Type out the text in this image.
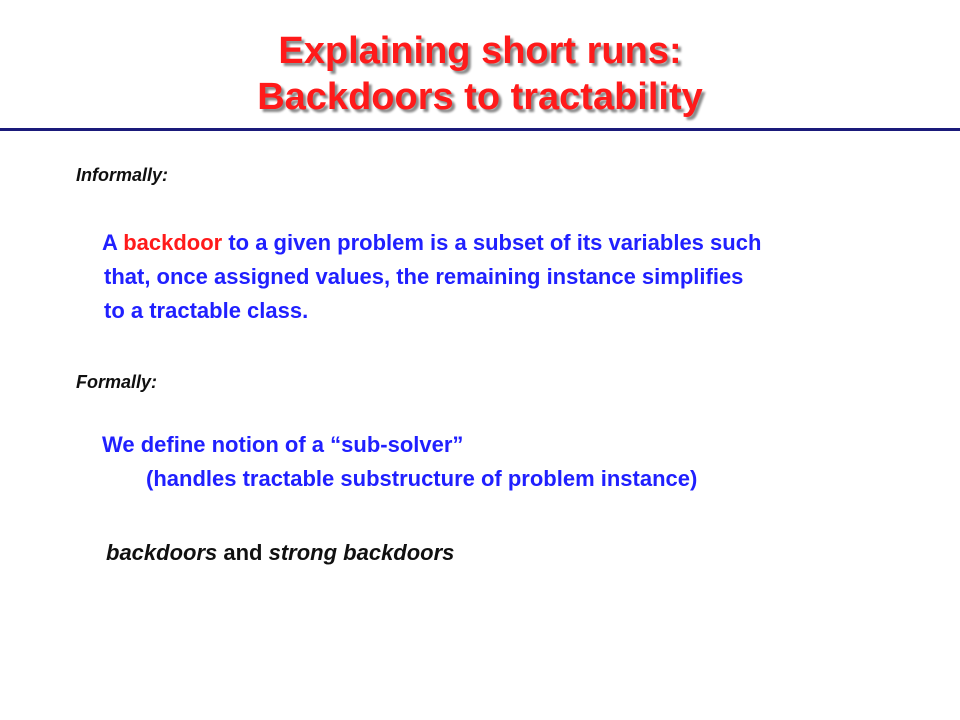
Explaining short runs:
Backdoors to tractability
Informally:
A backdoor to a given problem is a subset of its variables such
that, once assigned values, the remaining instance simplifies
to a tractable class.
Formally:
We define notion of a “sub-solver”
(handles tractable substructure of problem instance)
backdoors and strong backdoors
